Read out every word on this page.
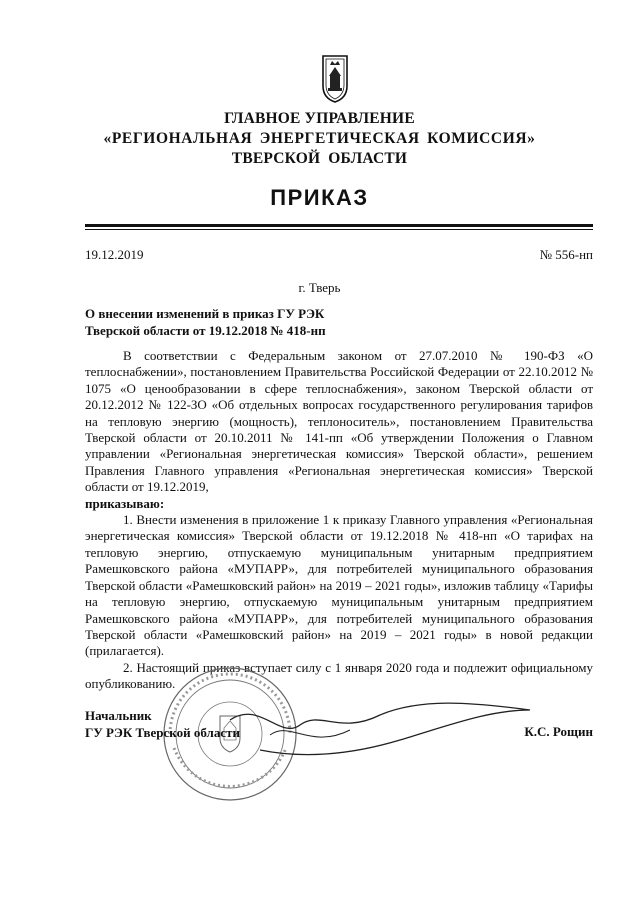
ГЛАВНОЕ УПРАВЛЕНИЕ
«РЕГИОНАЛЬНАЯ ЭНЕРГЕТИЧЕСКАЯ КОМИССИЯ»
ТВЕРСКОЙ ОБЛАСТИ
ПРИКАЗ
19.12.2019	№ 556-нп
г. Тверь
О внесении изменений в приказ ГУ РЭК
Тверской области от 19.12.2018 № 418-нп

В соответствии с Федеральным законом от 27.07.2010 № 190-ФЗ «О теплоснабжении», постановлением Правительства Российской Федерации от 22.10.2012 № 1075 «О ценообразовании в сфере теплоснабжения», законом Тверской области от 20.12.2012 № 122-ЗО «Об отдельных вопросах государственного регулирования тарифов на тепловую энергию (мощность), теплоноситель», постановлением Правительства Тверской области от 20.10.2011 № 141-пп «Об утверждении Положения о Главном управлении «Региональная энергетическая комиссия» Тверской области», решением Правления Главного управления «Региональная энергетическая комиссия» Тверской области от 19.12.2019,

приказываю:

1. Внести изменения в приложение 1 к приказу Главного управления «Региональная энергетическая комиссия» Тверской области от 19.12.2018 № 418-нп «О тарифах на тепловую энергию, отпускаемую муниципальным унитарным предприятием Рамешковского района «МУПАРР», для потребителей муниципального образования Тверской области «Рамешковский район» на 2019 – 2021 годы», изложив таблицу «Тарифы на тепловую энергию, отпускаемую муниципальным унитарным предприятием Рамешковского района «МУПАРР», для потребителей муниципального образования Тверской области «Рамешковский район» на 2019 – 2021 годы» в новой редакции (прилагается).

2. Настоящий приказ вступает силу с 1 января 2020 года и подлежит официальному опубликованию.

Начальник
ГУ РЭК Тверской области	К.С. Рощин
